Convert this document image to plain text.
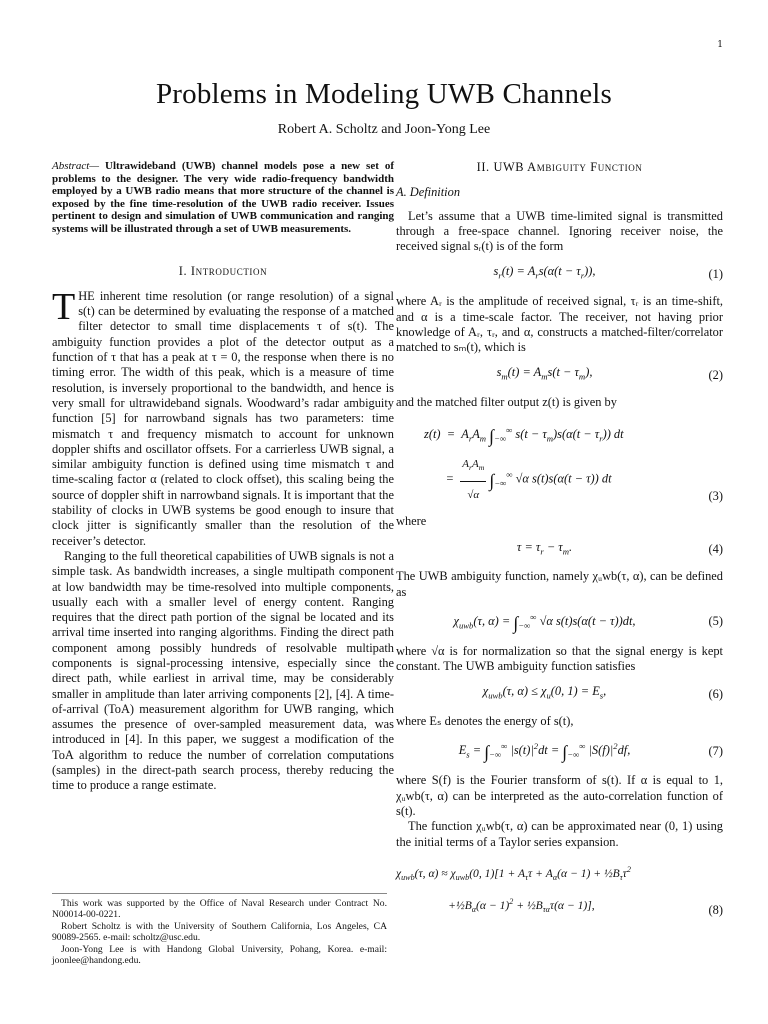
1
Problems in Modeling UWB Channels
Robert A. Scholtz and Joon-Yong Lee
Abstract— Ultrawideband (UWB) channel models pose a new set of problems to the designer. The very wide radio-frequency bandwidth employed by a UWB radio means that more structure of the channel is exposed by the fine time-resolution of the UWB radio receiver. Issues pertinent to design and simulation of UWB communication and ranging systems will be illustrated through a set of UWB measurements.
I. Introduction

THE inherent time resolution (or range resolution) of a signal s(t) can be determined by evaluating the response of a matched filter detector to small time displacements τ of s(t). The ambiguity function provides a plot of the detector output as a function of τ that has a peak at τ = 0, the response when there is no timing error. The width of this peak, which is a measure of time resolution, is inversely proportional to the bandwidth, and hence is very small for ultrawideband signals. Woodward’s radar ambiguity function [5] for narrowband signals has two parameters: time mismatch τ and frequency mismatch to account for unknown doppler shifts and oscillator offsets. For a carrierless UWB signal, a similar ambiguity function is defined using time mismatch τ and time-scaling factor α (related to clock offset), this scaling being the source of doppler shift in narrowband signals. It is important that the stability of clocks in UWB systems be good enough to insure that clock jitter is significantly smaller than the resolution of the receiver’s detector.

Ranging to the full theoretical capabilities of UWB signals is not a simple task. As bandwidth increases, a single multipath component at low bandwidth may be time-resolved into multiple components, usually each with a smaller level of energy content. Ranging requires that the direct path portion of the signal be located and its arrival time inserted into ranging algorithms. Finding the direct path component among possibly hundreds of resolvable multipath components is signal-processing intensive, especially since the direct path, while earliest in arrival time, may be considerably smaller in amplitude than later arriving components [2], [4]. A time-of-arrival (ToA) measurement algorithm for UWB ranging, which assumes the presence of over-sampled measurement data, was introduced in [4]. In this paper, we suggest a modification of the ToA algorithm to reduce the number of correlation computations (samples) in the direct-path search process, thereby reducing the time to produce a range estimate.

This work was supported by the Office of Naval Research under Contract No. N00014-00-0221.

Robert Scholtz is with the University of Southern California, Los Angeles, CA 90089-2565. e-mail: scholtz@usc.edu.

Joon-Yong Lee is with Handong Global University, Pohang, Korea. e-mail: joonlee@handong.edu.

II. UWB Ambiguity Function
A. Definition

Let’s assume that a UWB time-limited signal is transmitted through a free-space channel. Ignoring receiver noise, the received signal sᵣ(t) is of the form

$s_r(t) = A_rs(\alpha(t - \tau_r))$,	(1)

where Aᵣ is the amplitude of received signal, τᵣ is an time-shift, and α is a time-scale factor. The receiver, not having prior knowledge of Aᵣ, τᵣ, and α, constructs a matched-filter/correlator matched to sₘ(t), which is

$s_m(t) = A_ms(t - \tau_m)$,	(2)

and the matched filter output z(t) is given by

$z(t) = A_rA_m$ $\int_{-\infty}^\infty$ $s(t - \tau_m)s(\alpha(t - \tau_r))$ dt
= $\frac{A_rA_m}{√\alpha} \int_{-\infty}^\infty$ √α s(t)s(α(t − τ)) dt
(3)

where

$\tau = \tau_r - \tau_m$.	(4)

The UWB ambiguity function, namely χᵤwb(τ, α), can be defined as

$\chi_{uwb}(\tau$, $\alpha) = \int_{-\infty}^\infty$ √α s(t)s(α(t − τ))dt,	(5)

where √α is for normalization so that the signal energy is kept constant. The UWB ambiguity function satisfies

$\chi_{uwb}(\tau$, $\alpha) \le \chi_u(0$, $1) = E_s$,	(6)

where Eₛ denotes the energy of s(t),

$E_s = \int_{-\infty}^\infty$ $|s(t)|^2dt = \int_{-\infty}^\infty$ $|S(f)|^2df$,	(7)

where S(f) is the Fourier transform of s(t). If α is equal to 1, χᵤwb(τ, α) can be interpreted as the auto-correlation function of s(t).

The function χᵤwb(τ, α) can be approximated near (0, 1) using the initial terms of a Taylor series expansion.

$\chi_{uwb}(\tau$, $\alpha) \approx \chi_{uwb}(0$, $1)[1 + A_\tau\tau + A_\alpha(\alpha - 1)$ + $\frac{1}{2}B_\tau\tau^2$
$+\frac{1}{2}B_\alpha(\alpha - 1)^2$ + $\frac{1}{2}B_{\tau\alpha}\tau(\alpha - 1)$],	(8)
